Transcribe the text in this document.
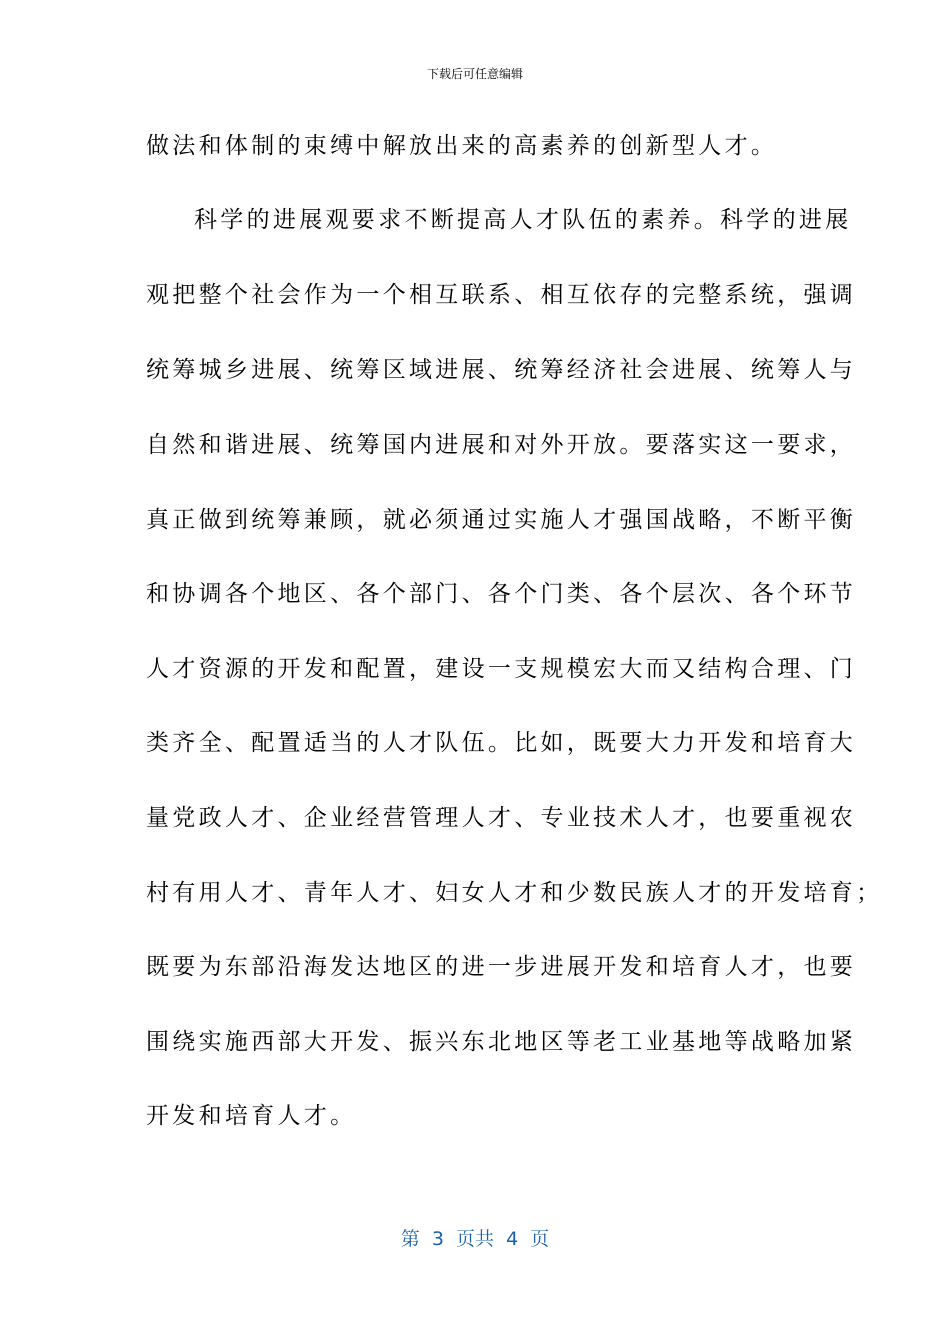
下载后可任意编辑
做法和体制的束缚中解放出来的高素养的创新型人才。
科学的进展观要求不断提高人才队伍的素养。科学的进展
观把整个社会作为一个相互联系、相互依存的完整系统，强调
统筹城乡进展、统筹区域进展、统筹经济社会进展、统筹人与
自然和谐进展、统筹国内进展和对外开放。要落实这一要求，
真正做到统筹兼顾，就必须通过实施人才强国战略，不断平衡
和协调各个地区、各个部门、各个门类、各个层次、各个环节
人才资源的开发和配置，建设一支规模宏大而又结构合理、门
类齐全、配置适当的人才队伍。比如，既要大力开发和培育大
量党政人才、企业经营管理人才、专业技术人才，也要重视农
村有用人才、青年人才、妇女人才和少数民族人才的开发培育；
既要为东部沿海发达地区的进一步进展开发和培育人才，也要
围绕实施西部大开发、振兴东北地区等老工业基地等战略加紧
开发和培育人才。
第  3  页共  4  页
